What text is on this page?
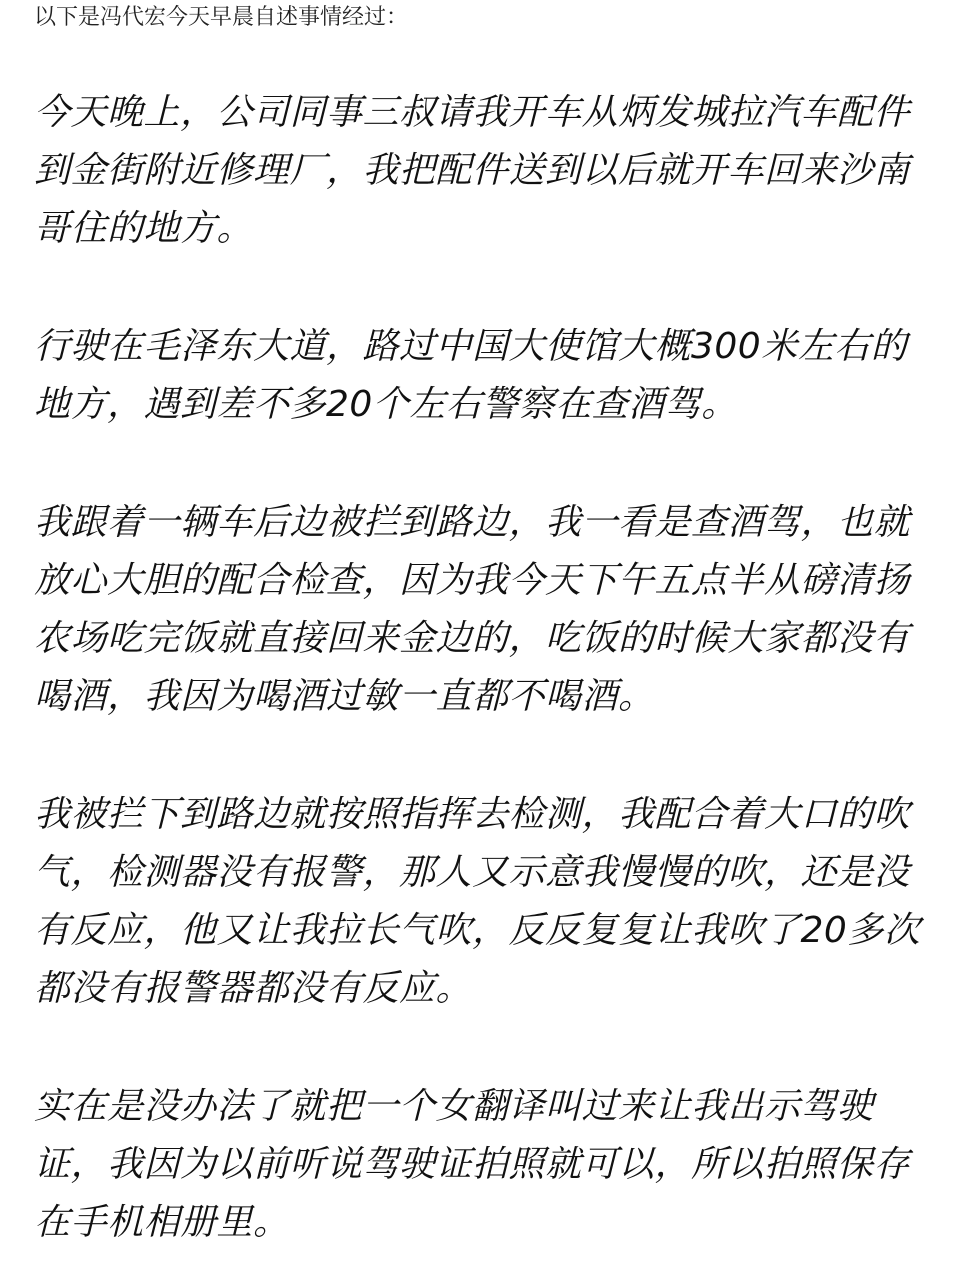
以下是冯代宏今天早晨自述事情经过：

今天晚上，公司同事三叔请我开车从炳发城拉汽车配件到金街附近修理厂，我把配件送到以后就开车回来沙南哥住的地方。

行驶在毛泽东大道，路过中国大使馆大概300米左右的地方，遇到差不多20个左右警察在查酒驾。

我跟着一辆车后边被拦到路边，我一看是查酒驾，也就放心大胆的配合检查，因为我今天下午五点半从磅清扬农场吃完饭就直接回来金边的，吃饭的时候大家都没有喝酒，我因为喝酒过敏一直都不喝酒。

我被拦下到路边就按照指挥去检测，我配合着大口的吹气，检测器没有报警，那人又示意我慢慢的吹，还是没有反应，他又让我拉长气吹，反反复复让我吹了20多次都没有报警器都没有反应。

实在是没办法了就把一个女翻译叫过来让我出示驾驶证，我因为以前听说驾驶证拍照就可以，所以拍照保存在手机相册里。
